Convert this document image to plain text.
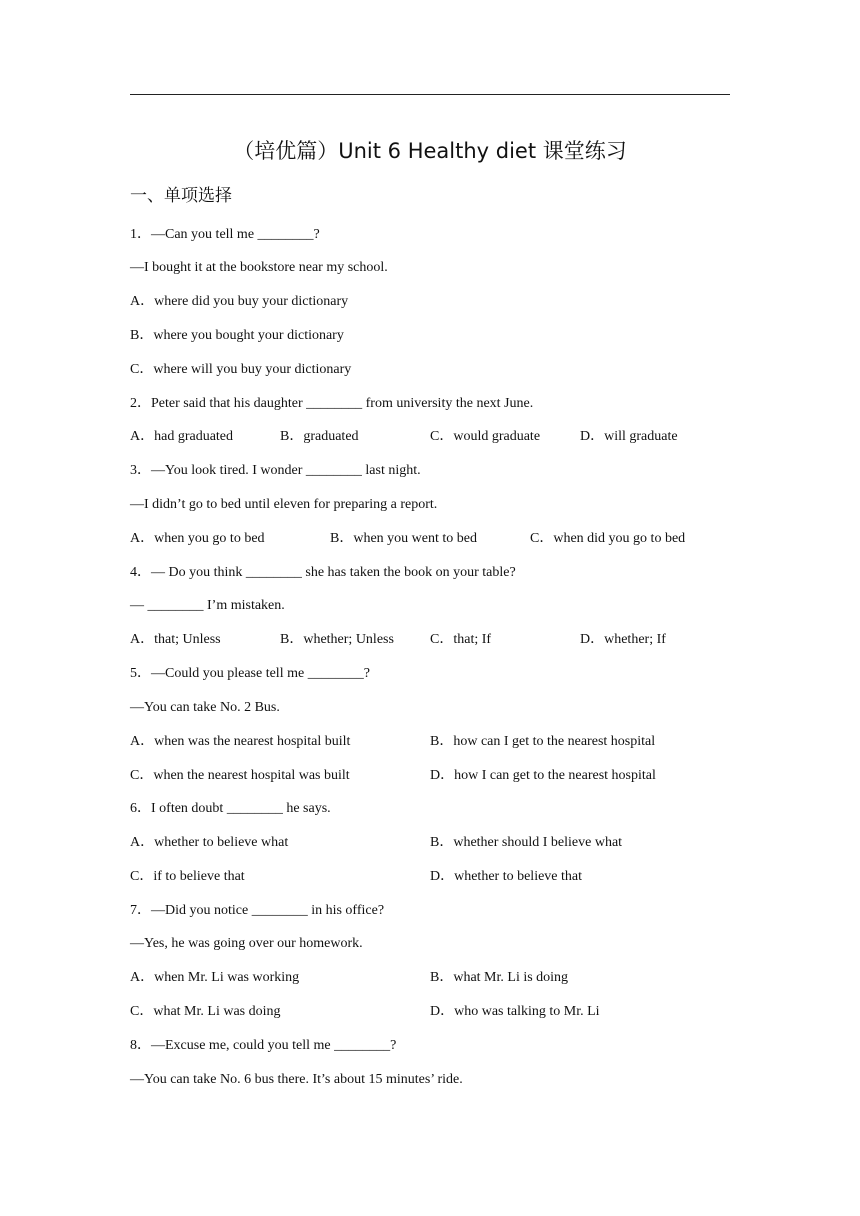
（培优篇）Unit 6 Healthy diet 课堂练习
一、单项选择
1．—Can you tell me ________?
—I bought it at the bookstore near my school.
A．where did you buy your dictionary
B．where you bought your dictionary
C．where will you buy your dictionary
2．Peter said that his daughter ________ from university the next June.
A．had graduated	B．graduated	C．would graduate	D．will graduate
3．—You look tired. I wonder ________ last night.
—I didn’t go to bed until eleven for preparing a report.
A．when you go to bed	B．when you went to bed	C．when did you go to bed
4．— Do you think ________ she has taken the book on your table?
— ________ I’m mistaken.
A．that; Unless	B．whether; Unless	C．that; If	D．whether; If
5．—Could you please tell me ________?
—You can take No. 2 Bus.
A．when was the nearest hospital built	B．how can I get to the nearest hospital
C．when the nearest hospital was built	D．how I can get to the nearest hospital
6．I often doubt ________ he says.
A．whether to believe what	B．whether should I believe what
C．if to believe that	D．whether to believe that
7．—Did you notice ________ in his office?
—Yes, he was going over our homework.
A．when Mr. Li was working	B．what Mr. Li is doing
C．what Mr. Li was doing	D．who was talking to Mr. Li
8．—Excuse me, could you tell me ________?
—You can take No. 6 bus there. It’s about 15 minutes’ ride.
